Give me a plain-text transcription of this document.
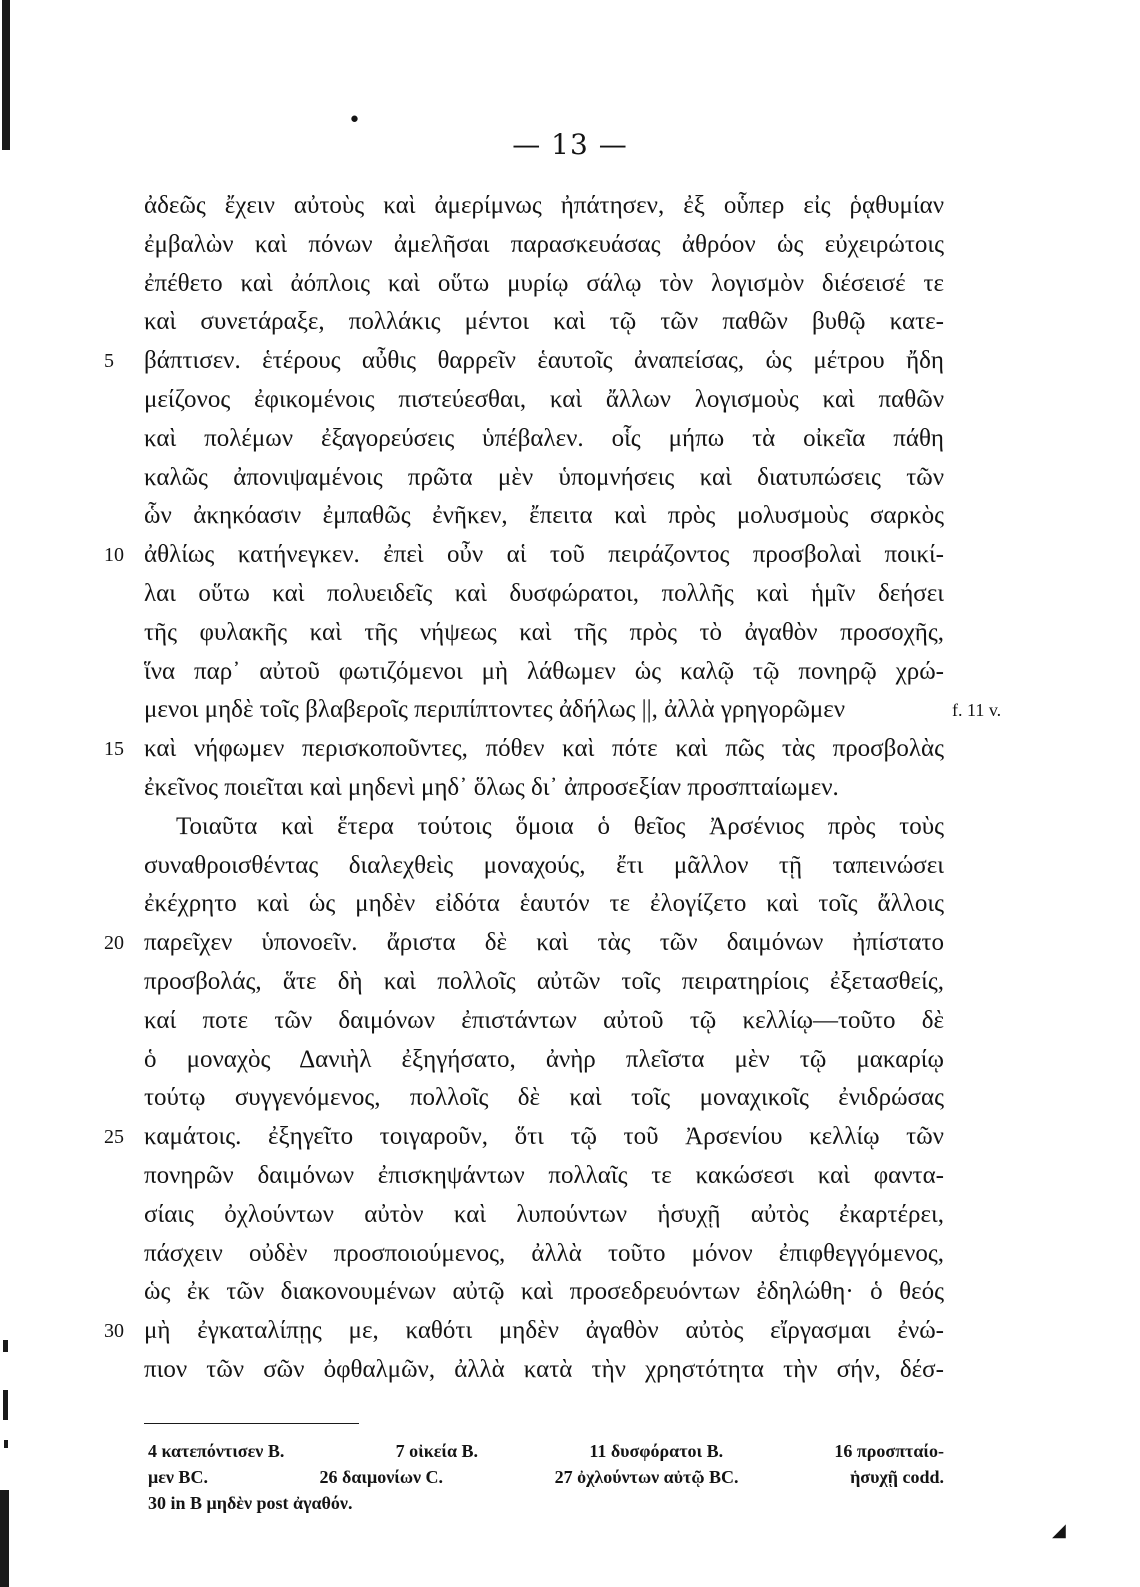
•
— 13 —
ἀδεῶς ἔχειν αὐτοὺς καὶ ἀμερίμνως ἠπάτησεν, ἐξ οὗπερ εἰς ῥᾳθυμίαν
ἐμβαλὼν καὶ πόνων ἀμελῆσαι παρασκευάσας ἀθρόον ὡς εὐχειρώτοις
ἐπέθετο καὶ ἀόπλοις καὶ οὕτω μυρίῳ σάλῳ τὸν λογισμὸν διέσεισέ τε
καὶ συνετάραξε, πολλάκις μέντοι καὶ τῷ τῶν παθῶν βυθῷ κατε-
5	βάπτισεν. ἑτέρους αὖθις θαρρεῖν ἑαυτοῖς ἀναπείσας, ὡς μέτρου ἤδη
μείζονος ἐφικομένοις πιστεύεσθαι, καὶ ἄλλων λογισμοὺς καὶ παθῶν
καὶ πολέμων ἐξαγορεύσεις ὑπέβαλεν. οἷς μήπω τὰ οἰκεῖα πάθη
καλῶς ἀπονιψαμένοις πρῶτα μὲν ὑπομνήσεις καὶ διατυπώσεις τῶν
ὧν ἀκηκόασιν ἐμπαθῶς ἐνῆκεν, ἔπειτα καὶ πρὸς μολυσμοὺς σαρκὸς
10 ἀθλίως κατήνεγκεν. ἐπεὶ οὖν αἱ τοῦ πειράζοντος προσβολαὶ ποικί-
λαι οὕτω καὶ πολυειδεῖς καὶ δυσφώρατοι, πολλῆς καὶ ἡμῖν δεήσει
τῆς φυλακῆς καὶ τῆς νήψεως καὶ τῆς πρὸς τὸ ἀγαθὸν προσοχῆς,
ἵνα παρ᾽ αὐτοῦ φωτιζόμενοι μὴ λάθωμεν ὡς καλῷ τῷ πονηρῷ χρώ-
μενοι μηδὲ τοῖς βλαβεροῖς περιπίπτοντες ἀδήλως ||, ἀλλὰ γρηγορῶμεν	f. 11 v.
15 καὶ νήφωμεν περισκοποῦντες, πόθεν καὶ πότε καὶ πῶς τὰς προσβολὰς
ἐκεῖνος ποιεῖται καὶ μηδενὶ μηδ᾽ ὅλως δι᾽ ἀπροσεξίαν προσπταίωμεν.
Τοιαῦτα καὶ ἕτερα τούτοις ὅμοια ὁ θεῖος Ἀρσένιος πρὸς τοὺς
συναθροισθέντας διαλεχθεὶς μοναχούς, ἔτι μᾶλλον τῇ ταπεινώσει
ἐκέχρητο καὶ ὡς μηδὲν εἰδότα ἑαυτόν τε ἐλογίζετο καὶ τοῖς ἄλλοις
20 παρεῖχεν ὑπονοεῖν. ἄριστα δὲ καὶ τὰς τῶν δαιμόνων ἠπίστατο
προσβολάς, ἅτε δὴ καὶ πολλοῖς αὐτῶν τοῖς πειρατηρίοις ἐξετασθείς,
καί ποτε τῶν δαιμόνων ἐπιστάντων αὐτοῦ τῷ κελλίῳ—τοῦτο δὲ
ὁ μοναχὸς Δανιὴλ ἐξηγήσατο, ἀνὴρ πλεῖστα μὲν τῷ μακαρίῳ
τούτῳ συγγενόμενος, πολλοῖς δὲ καὶ τοῖς μοναχικοῖς ἐνιδρώσας
25 καμάτοις. ἐξηγεῖτο τοιγαροῦν, ὅτι τῷ τοῦ Ἀρσενίου κελλίῳ τῶν
πονηρῶν δαιμόνων ἐπισκηψάντων πολλαῖς τε κακώσεσι καὶ φαντα-
σίαις ὀχλούντων αὐτὸν καὶ λυπούντων ἡσυχῇ αὐτὸς ἐκαρτέρει,
πάσχειν οὐδὲν προσποιούμενος, ἀλλὰ τοῦτο μόνον ἐπιφθεγγόμενος,
ὡς ἐκ τῶν διακονουμένων αὐτῷ καὶ προσεδρευόντων ἐδηλώθη· ὁ θεός
30 μὴ ἐγκαταλίπῃς με, καθότι μηδὲν ἀγαθὸν αὐτὸς εἴργασμαι ἐνώ-
πιον τῶν σῶν ὀφθαλμῶν, ἀλλὰ κατὰ τὴν χρηστότητα τὴν σήν, δέσ-
4 κατεπόντισεν B.	7 οἰκεία B.	11 δυσφόρατοι B.	16 προσπταίο-
μεν BC.	26 δαιμονίων C.	27 ὀχλούντων αὐτῷ BC.	ἡσυχῇ codd.
30 in B μηδὲν post ἀγαθόν.
◢
